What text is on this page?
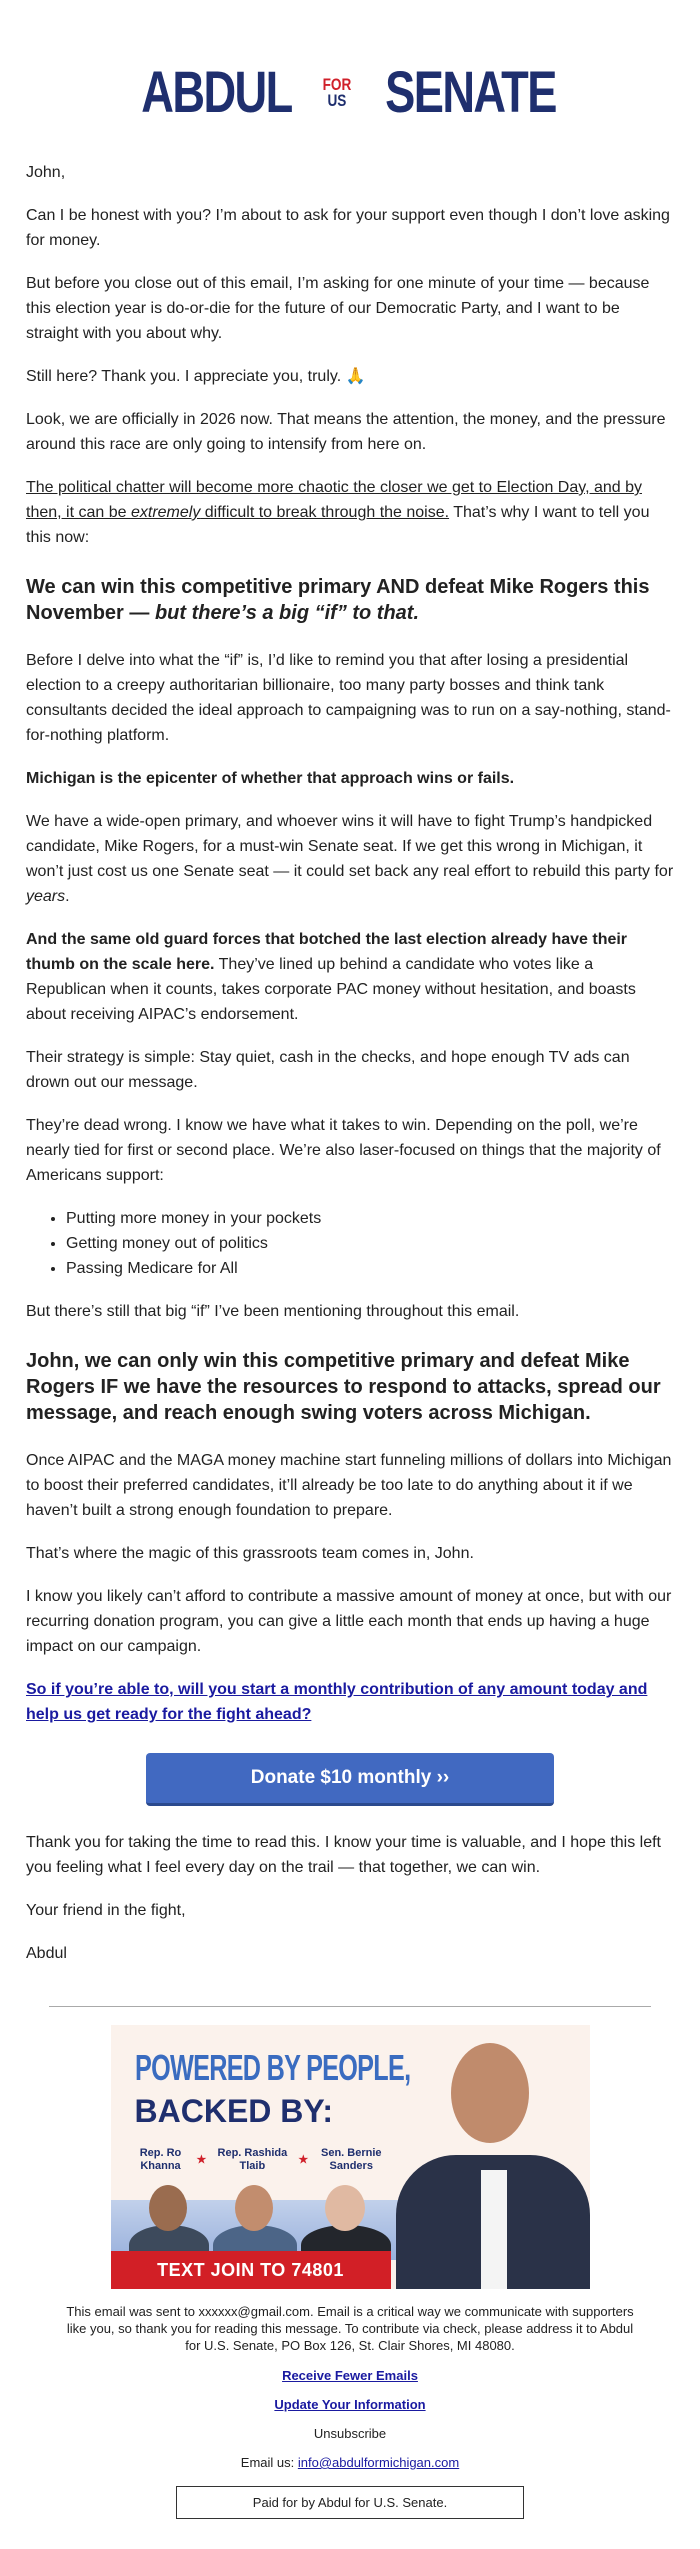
ABDUL FOR
US SENATE

John,

Can I be honest with you? I’m about to ask for your support even though I don’t love asking for money.

But before you close out of this email, I’m asking for one minute of your time — because this election year is do-or-die for the future of our Democratic Party, and I want to be straight with you about why.

Still here? Thank you. I appreciate you, truly. 🙏

Look, we are officially in 2026 now. That means the attention, the money, and the pressure around this race are only going to intensify from here on.

The political chatter will become more chaotic the closer we get to Election Day, and by then, it can be extremely difficult to break through the noise. That’s why I want to tell you this now:

We can win this competitive primary AND defeat Mike Rogers this November — but there’s a big “if” to that.

Before I delve into what the “if” is, I’d like to remind you that after losing a presidential election to a creepy authoritarian billionaire, too many party bosses and think tank consultants decided the ideal approach to campaigning was to run on a say-nothing, stand-for-nothing platform.

Michigan is the epicenter of whether that approach wins or fails.

We have a wide-open primary, and whoever wins it will have to fight Trump’s handpicked candidate, Mike Rogers, for a must-win Senate seat. If we get this wrong in Michigan, it won’t just cost us one Senate seat — it could set back any real effort to rebuild this party for years.

And the same old guard forces that botched the last election already have their thumb on the scale here. They’ve lined up behind a candidate who votes like a Republican when it counts, takes corporate PAC money without hesitation, and boasts about receiving AIPAC’s endorsement.

Their strategy is simple: Stay quiet, cash in the checks, and hope enough TV ads can drown out our message.

They’re dead wrong. I know we have what it takes to win. Depending on the poll, we’re nearly tied for first or second place. We’re also laser-focused on things that the majority of Americans support:

• Putting more money in your pockets
• Getting money out of politics
• Passing Medicare for All

But there’s still that big “if” I’ve been mentioning throughout this email.

John, we can only win this competitive primary and defeat Mike Rogers IF we have the resources to respond to attacks, spread our message, and reach enough swing voters across Michigan.

Once AIPAC and the MAGA money machine start funneling millions of dollars into Michigan to boost their preferred candidates, it’ll already be too late to do anything about it if we haven’t built a strong enough foundation to prepare.

That’s where the magic of this grassroots team comes in, John.

I know you likely can’t afford to contribute a massive amount of money at once, but with our recurring donation program, you can give a little each month that ends up having a huge impact on our campaign.

So if you’re able to, will you start a monthly contribution of any amount today and help us get ready for the fight ahead?

Donate $10 monthly ››

Thank you for taking the time to read this. I know your time is valuable, and I hope this left you feeling what I feel every day on the trail — that together, we can win.

Your friend in the fight,

Abdul

POWERED BY PEOPLE,
BACKED BY:
Rep. Ro Khanna
★
Rep. Rashida Tlaib
★
Sen. Bernie Sanders
TEXT JOIN TO 74801
This email was sent to xxxxxx@gmail.com. Email is a critical way we communicate with supporters like you, so thank you for reading this message. To contribute via check, please address it to Abdul for U.S. Senate, PO Box 126, St. Clair Shores, MI 48080.
Receive Fewer Emails
Update Your Information
Unsubscribe
Email us: info@abdulformichigan.com
Paid for by Abdul for U.S. Senate.
